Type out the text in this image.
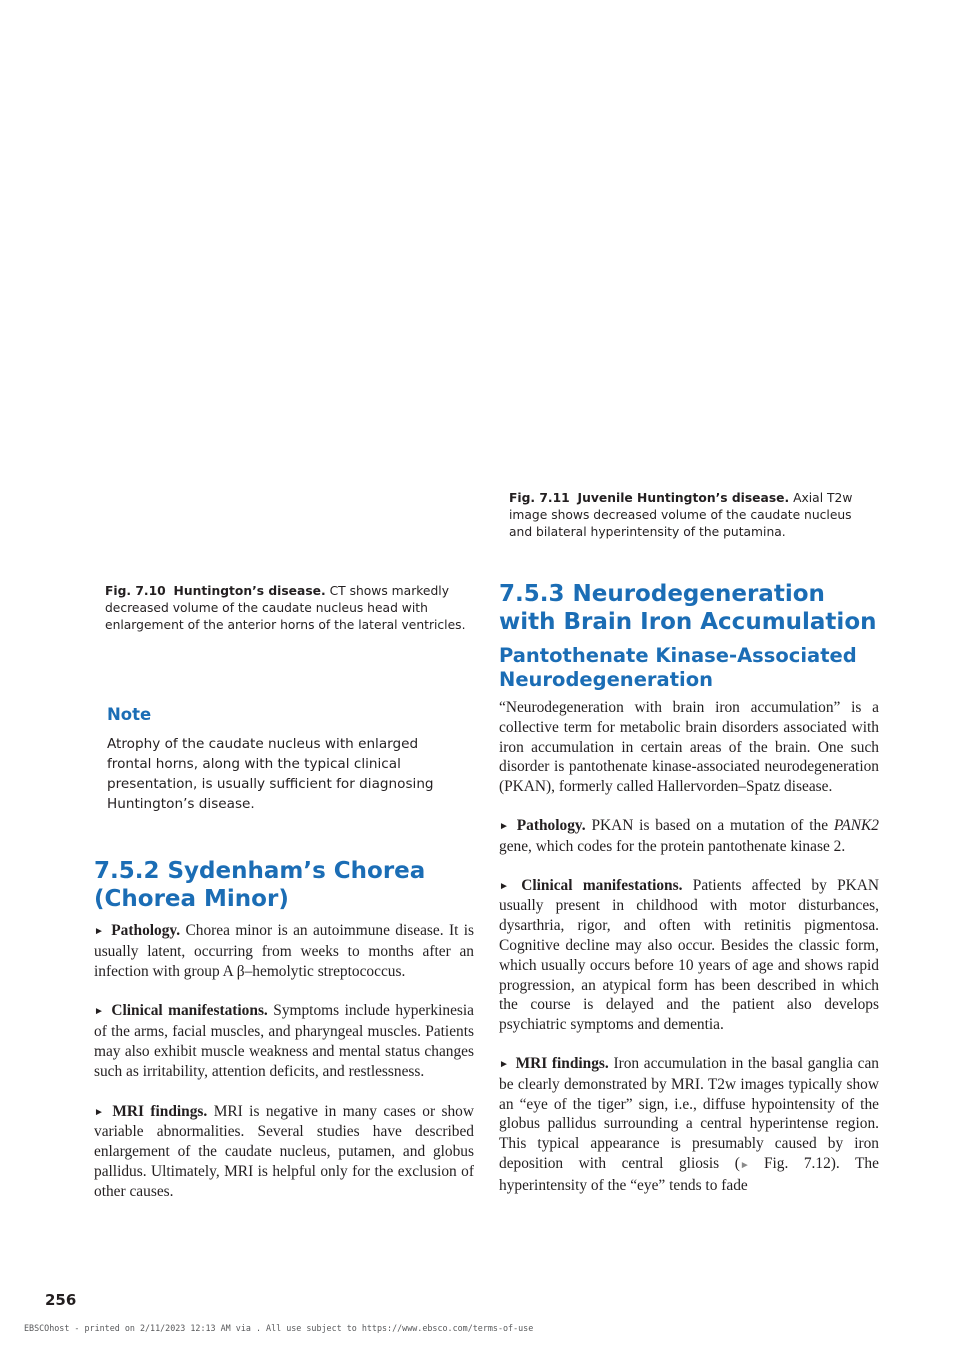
Fig. 7.11 Juvenile Huntington’s disease. Axial T2w image shows decreased volume of the caudate nucleus and bilateral hyperintensity of the putamina.
Fig. 7.10 Huntington’s disease. CT shows markedly decreased volume of the caudate nucleus head with enlargement of the anterior horns of the lateral ventricles.
Note
Atrophy of the caudate nucleus with enlarged frontal horns, along with the typical clinical presentation, is usually sufficient for diagnosing Huntington’s disease.
7.5.2 Sydenham’s Chorea (Chorea Minor)

► Pathology. Chorea minor is an autoimmune disease. It is usually latent, occurring from weeks to months after an infection with group A β–hemolytic streptococcus.

► Clinical manifestations. Symptoms include hyperkinesia of the arms, facial muscles, and pharyngeal muscles. Patients may also exhibit muscle weakness and mental status changes such as irritability, attention deficits, and restlessness.

► MRI findings. MRI is negative in many cases or show variable abnormalities. Several studies have described enlargement of the caudate nucleus, putamen, and globus pallidus. Ultimately, MRI is helpful only for the exclusion of other causes.

7.5.3 Neurodegeneration with Brain Iron Accumulation
Pantothenate Kinase-Associated Neurodegeneration

“Neurodegeneration with brain iron accumulation” is a collective term for metabolic brain disorders associated with iron accumulation in certain areas of the brain. One such disorder is pantothenate kinase-associated neurodegeneration (PKAN), formerly called Hallervorden–Spatz disease.

► Pathology. PKAN is based on a mutation of the PANK2 gene, which codes for the protein pantothenate kinase 2.

► Clinical manifestations. Patients affected by PKAN usually present in childhood with motor disturbances, dysarthria, rigor, and often with retinitis pigmentosa. Cognitive decline may also occur. Besides the classic form, which usually occurs before 10 years of age and shows rapid progression, an atypical form has been described in which the course is delayed and the patient also develops psychiatric symptoms and dementia.

► MRI findings. Iron accumulation in the basal ganglia can be clearly demonstrated by MRI. T2w images typically show an “eye of the tiger” sign, i.e., diffuse hypointensity of the globus pallidus surrounding a central hyperintense region. This typical appearance is presumably caused by iron deposition with central gliosis (► Fig. 7.12). The hyperintensity of the “eye” tends to fade

256
EBSCOhost - printed on 2/11/2023 12:13 AM via . All use subject to https://www.ebsco.com/terms-of-use
